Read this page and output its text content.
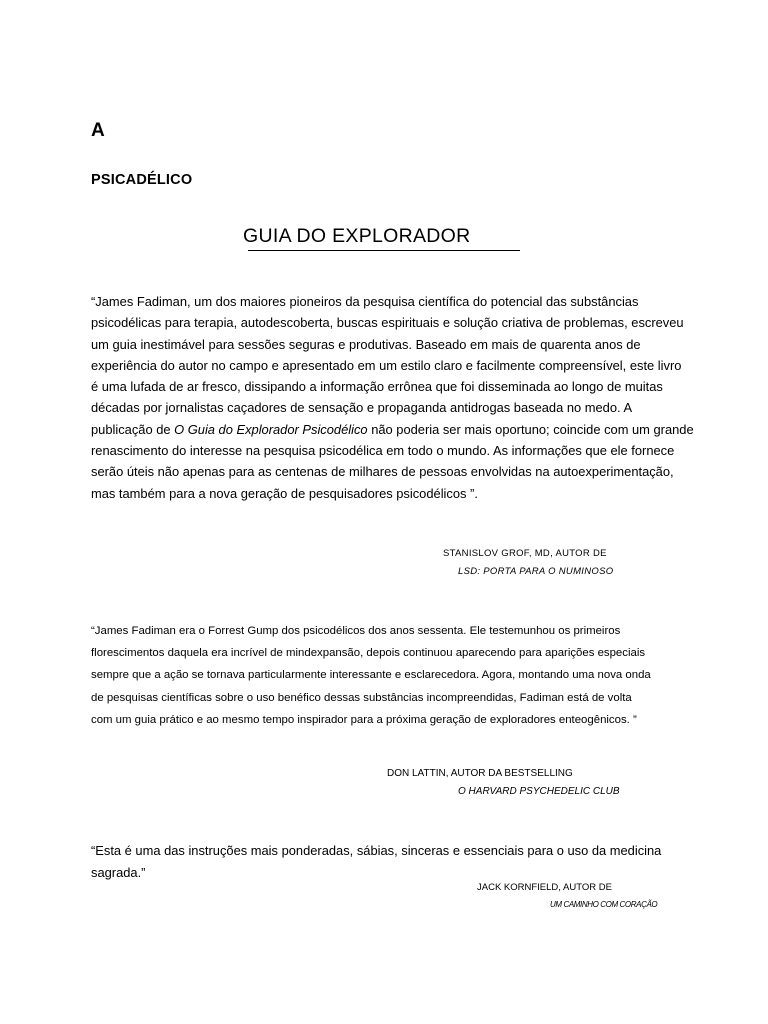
A
PSICADÉLICO
GUIA DO EXPLORADOR
“James Fadiman, um dos maiores pioneiros da pesquisa científica do potencial das substâncias
psicodélicas para terapia, autodescoberta, buscas espirituais e solução criativa de problemas, escreveu
um guia inestimável para sessões seguras e produtivas. Baseado em mais de quarenta anos de
experiência do autor no campo e apresentado em um estilo claro e facilmente compreensível, este livro
é uma lufada de ar fresco, dissipando a informação errônea que foi disseminada ao longo de muitas
décadas por jornalistas caçadores de sensação e propaganda antidrogas baseada no medo. A
publicação de O Guia do Explorador Psicodélico não poderia ser mais oportuno; coincide com um grande
renascimento do interesse na pesquisa psicodélica em todo o mundo. As informações que ele fornece
serão úteis não apenas para as centenas de milhares de pessoas envolvidas na autoexperimentação,
mas também para a nova geração de pesquisadores psicodélicos ”.
STANISLOV GROF, MD, AUTOR DE
LSD: PORTA PARA O NUMINOSO
“James Fadiman era o Forrest Gump dos psicodélicos dos anos sessenta. Ele testemunhou os primeiros
florescimentos daquela era incrível de mindexpansão, depois continuou aparecendo para aparições especiais
sempre que a ação se tornava particularmente interessante e esclarecedora. Agora, montando uma nova onda
de pesquisas científicas sobre o uso benéfico dessas substâncias incompreendidas, Fadiman está de volta
com um guia prático e ao mesmo tempo inspirador para a próxima geração de exploradores enteogênicos. ”
DON LATTIN, AUTOR DA BESTSELLING
O HARVARD PSYCHEDELIC CLUB

“Esta é uma das instruções mais ponderadas, sábias, sinceras e essenciais para o uso da medicina sagrada.”

JACK KORNFIELD, AUTOR DE
UM CAMINHO COM CORAÇÃO
